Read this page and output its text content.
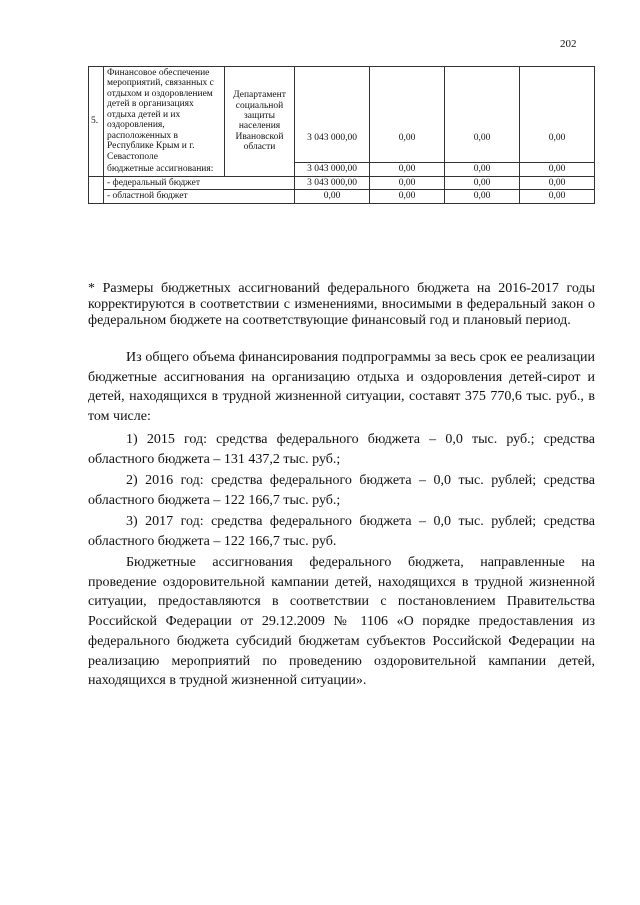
202
5.	Финансовое обеспечение мероприятий, связанных с отдыхом и оздоровлением детей в организациях отдыха детей и их оздоровления, расположенных в Республике Крым и г. Севастополе	Департамент социальной защиты населения Ивановской области	3 043 000,00	0,00	0,00	0,00
	бюджетные ассигнования:		3 043 000,00	0,00	0,00	0,00
	- федеральный бюджет		3 043 000,00	0,00	0,00	0,00
	- областной бюджет		0,00	0,00	0,00	0,00
* Размеры бюджетных ассигнований федерального бюджета на 2016-2017 годы корректируются в соответствии с изменениями, вносимыми в федеральный закон о федеральном бюджете на соответствующие финансовый год и плановый период.
Из общего объема финансирования подпрограммы за весь срок ее реализации бюджетные ассигнования на организацию отдыха и оздоровления детей-сирот и детей, находящихся в трудной жизненной ситуации, составят 375 770,6 тыс. руб., в том числе:
1) 2015 год: средства федерального бюджета – 0,0 тыс. руб.; средства областного бюджета – 131 437,2 тыс. руб.;
2) 2016 год: средства федерального бюджета – 0,0 тыс. рублей; средства областного бюджета – 122 166,7 тыс. руб.;
3) 2017 год: средства федерального бюджета – 0,0 тыс. рублей; средства областного бюджета – 122 166,7 тыс. руб.
Бюджетные ассигнования федерального бюджета, направленные на проведение оздоровительной кампании детей, находящихся в трудной жизненной ситуации, предоставляются в соответствии с постановлением Правительства Российской Федерации от 29.12.2009 № 1106 «О порядке предоставления из федерального бюджета субсидий бюджетам субъектов Российской Федерации на реализацию мероприятий по проведению оздоровительной кампании детей, находящихся в трудной жизненной ситуации».
